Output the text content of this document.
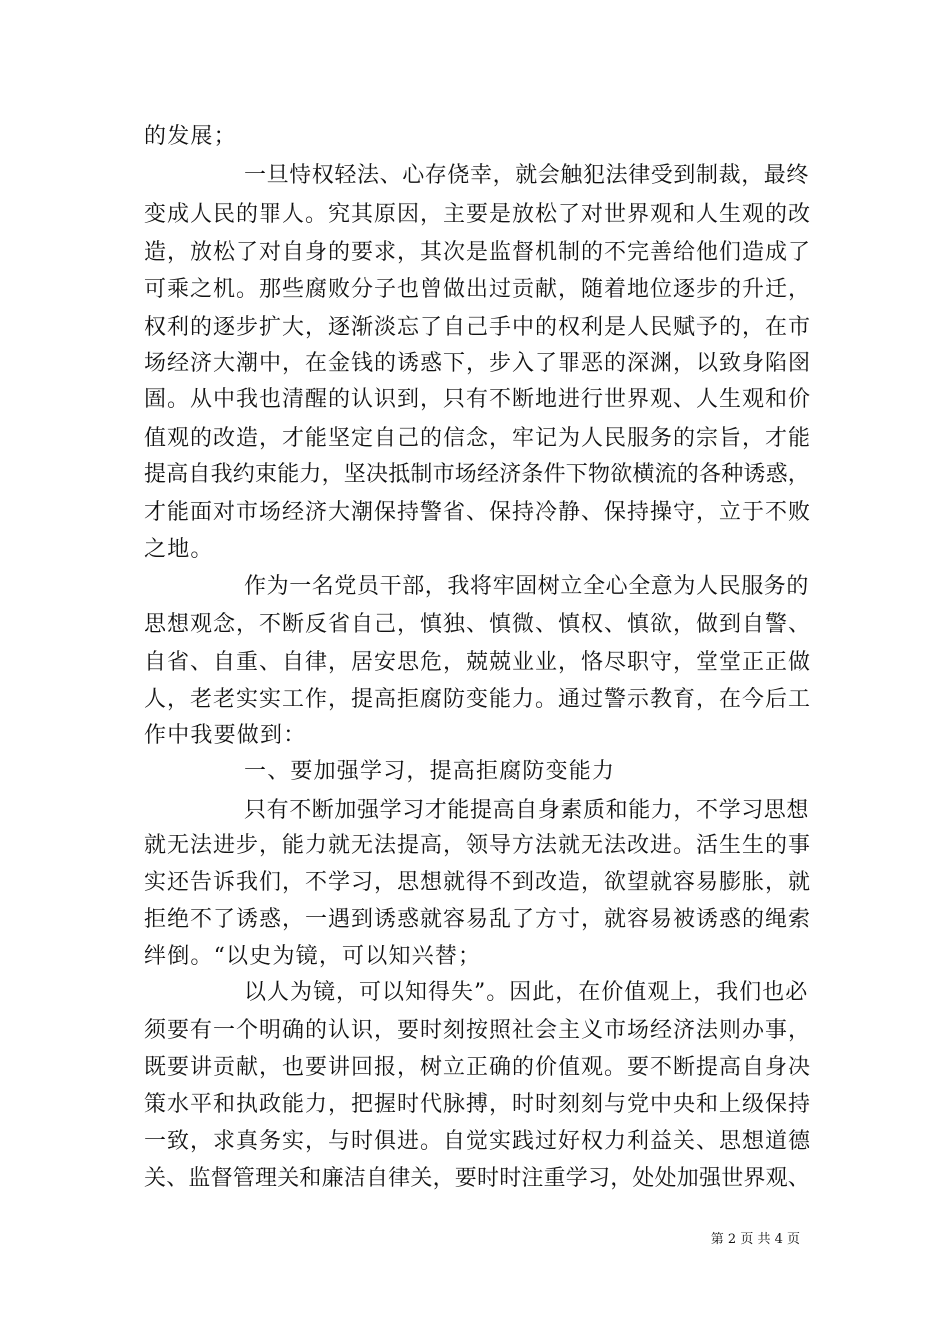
的发展；
一旦恃权轻法、心存侥幸，就会触犯法律受到制裁，最终
变成人民的罪人。究其原因，主要是放松了对世界观和人生观的改
造，放松了对自身的要求，其次是监督机制的不完善给他们造成了
可乘之机。那些腐败分子也曾做出过贡献，随着地位逐步的升迁，
权利的逐步扩大，逐渐淡忘了自己手中的权利是人民赋予的，在市
场经济大潮中，在金钱的诱惑下，步入了罪恶的深渊，以致身陷囹
圄。从中我也清醒的认识到，只有不断地进行世界观、人生观和价
值观的改造，才能坚定自己的信念，牢记为人民服务的宗旨，才能
提高自我约束能力，坚决抵制市场经济条件下物欲横流的各种诱惑，
才能面对市场经济大潮保持警省、保持冷静、保持操守，立于不败
之地。
作为一名党员干部，我将牢固树立全心全意为人民服务的
思想观念，不断反省自己，慎独、慎微、慎权、慎欲，做到自警、
自省、自重、自律，居安思危，兢兢业业，恪尽职守，堂堂正正做
人，老老实实工作，提高拒腐防变能力。通过警示教育，在今后工
作中我要做到：
一、要加强学习，提高拒腐防变能力
只有不断加强学习才能提高自身素质和能力，不学习思想
就无法进步，能力就无法提高，领导方法就无法改进。活生生的事
实还告诉我们，不学习，思想就得不到改造，欲望就容易膨胀，就
拒绝不了诱惑，一遇到诱惑就容易乱了方寸，就容易被诱惑的绳索
绊倒。“以史为镜，可以知兴替；
以人为镜，可以知得失”。因此，在价值观上，我们也必
须要有一个明确的认识，要时刻按照社会主义市场经济法则办事，
既要讲贡献，也要讲回报，树立正确的价值观。要不断提高自身决
策水平和执政能力，把握时代脉搏，时时刻刻与党中央和上级保持
一致，求真务实，与时俱进。自觉实践过好权力利益关、思想道德
关、监督管理关和廉洁自律关，要时时注重学习，处处加强世界观、
第 2 页 共 4 页
